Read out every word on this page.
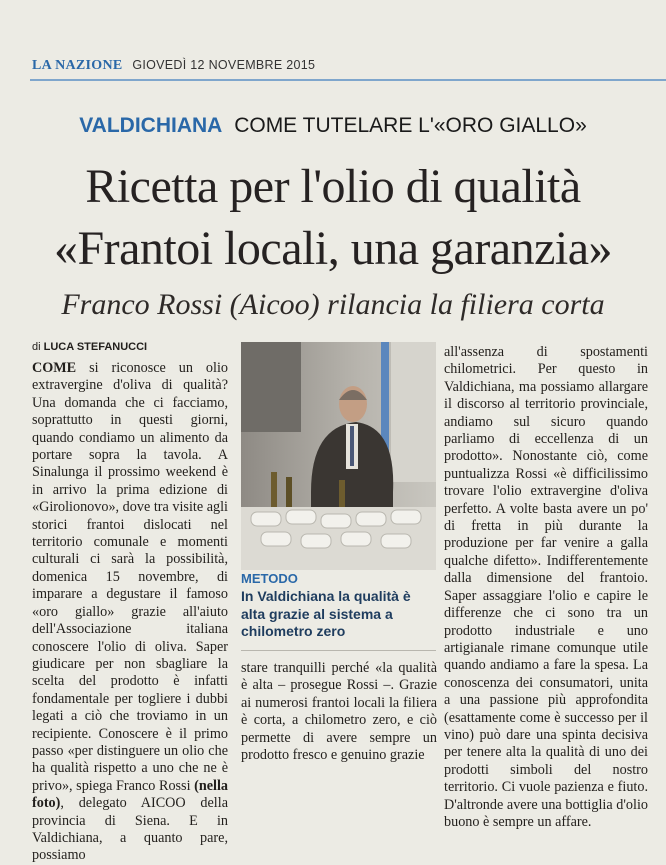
LA NAZIONE GIOVEDÌ 12 NOVEMBRE 2015
VALDICHIANA COME TUTELARE L'«ORO GIALLO»
Ricetta per l'olio di qualità
«Frantoi locali, una garanzia»
Franco Rossi (Aicoo) rilancia la filiera corta
di LUCA STEFANUCCI

COME si riconosce un olio extravergine d'oliva di qualità? Una domanda che ci facciamo, soprattutto in questi giorni, quando condiamo un alimento da portare sopra la tavola. A Sinalunga il prossimo weekend è in arrivo la prima edizione di «Girolionovo», dove tra visite agli storici frantoi dislocati nel territorio comunale e momenti culturali ci sarà la possibilità, domenica 15 novembre, di imparare a degustare il famoso «oro giallo» grazie all'aiuto dell'Associazione italiana conoscere l'olio di oliva. Saper giudicare per non sbagliare la scelta del prodotto è infatti fondamentale per togliere i dubbi legati a ciò che troviamo in un recipiente. Conoscere è il primo passo «per distinguere un olio che ha qualità rispetto a uno che ne è privo», spiega Franco Rossi (nella foto), delegato AICOO della provincia di Siena. E in Valdichiana, a quanto pare, possiamo

METODO
In Valdichiana la qualità è alta grazie al sistema a chilometro zero

stare tranquilli perché «la qualità è alta – prosegue Rossi –. Grazie ai numerosi frantoi locali la filiera è corta, a chilometro zero, e ciò permette di avere sempre un prodotto fresco e genuino grazie

all'assenza di spostamenti chilometrici. Per questo in Valdichiana, ma possiamo allargare il discorso al territorio provinciale, andiamo sul sicuro quando parliamo di eccellenza di un prodotto». Nonostante ciò, come puntualizza Rossi «è difficilissimo trovare l'olio extravergine d'oliva perfetto. A volte basta avere un po' di fretta in più durante la produzione per far venire a galla qualche difetto». Indifferentemente dalla dimensione del frantoio. Saper assaggiare l'olio e capire le differenze che ci sono tra un prodotto industriale e uno artigianale rimane comunque utile quando andiamo a fare la spesa. La conoscenza dei consumatori, unita a una passione più approfondita (esattamente come è successo per il vino) può dare una spinta decisiva per tenere alta la qualità di uno dei prodotti simboli del nostro territorio. Ci vuole pazienza e fiuto. D'altronde avere una bottiglia d'olio buono è sempre un affare.
